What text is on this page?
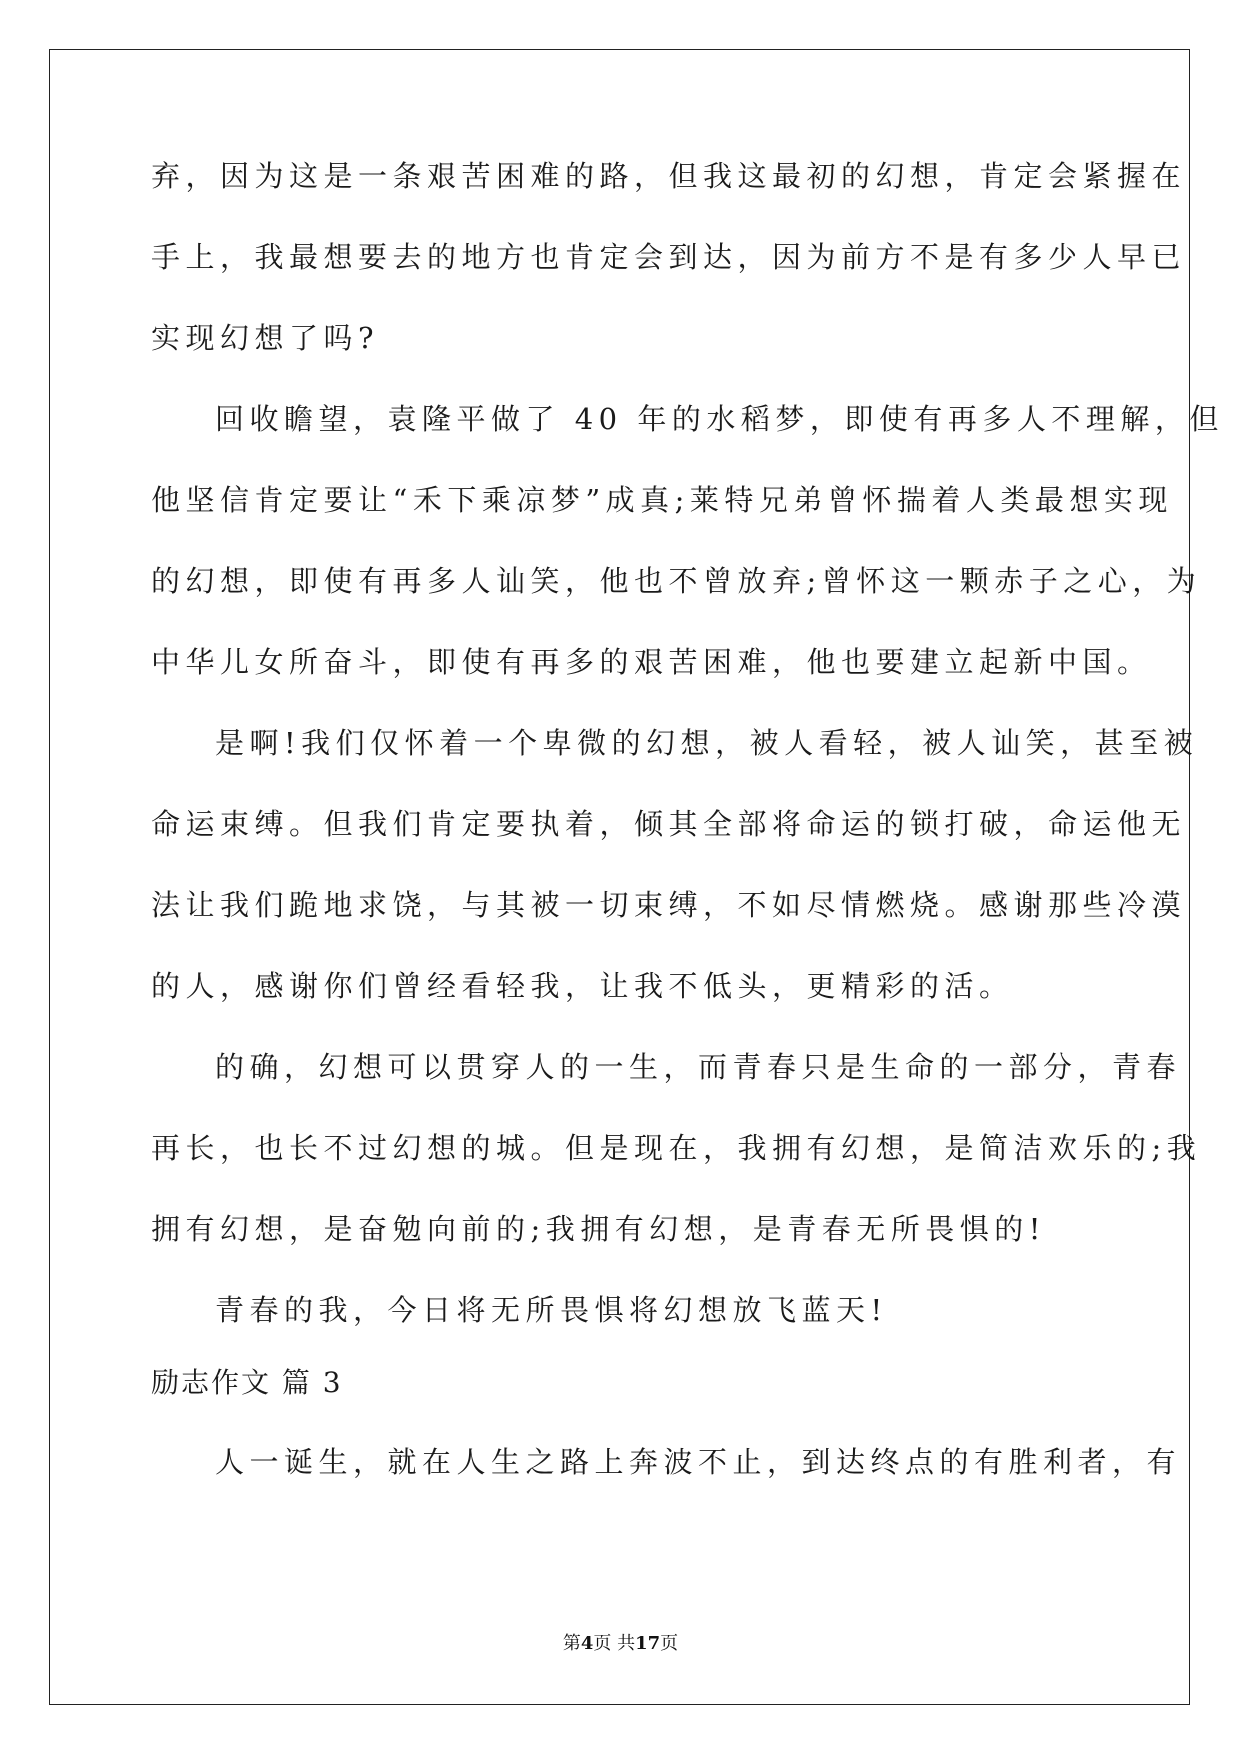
弃，因为这是一条艰苦困难的路，但我这最初的幻想，肯定会紧握在
手上，我最想要去的地方也肯定会到达，因为前方不是有多少人早已
实现幻想了吗?
回收瞻望，袁隆平做了 40 年的水稻梦，即使有再多人不理解，但
他坚信肯定要让“禾下乘凉梦”成真;莱特兄弟曾怀揣着人类最想实现
的幻想，即使有再多人讪笑，他也不曾放弃;曾怀这一颗赤子之心，为
中华儿女所奋斗，即使有再多的艰苦困难，他也要建立起新中国。
是啊!我们仅怀着一个卑微的幻想，被人看轻，被人讪笑，甚至被
命运束缚。但我们肯定要执着，倾其全部将命运的锁打破，命运他无
法让我们跪地求饶，与其被一切束缚，不如尽情燃烧。感谢那些冷漠
的人，感谢你们曾经看轻我，让我不低头，更精彩的活。
的确，幻想可以贯穿人的一生，而青春只是生命的一部分，青春
再长，也长不过幻想的城。但是现在，我拥有幻想，是简洁欢乐的;我
拥有幻想，是奋勉向前的;我拥有幻想，是青春无所畏惧的!
青春的我，今日将无所畏惧将幻想放飞蓝天!
励志作文 篇 3
人一诞生，就在人生之路上奔波不止，到达终点的有胜利者，有
第4页 共17页
